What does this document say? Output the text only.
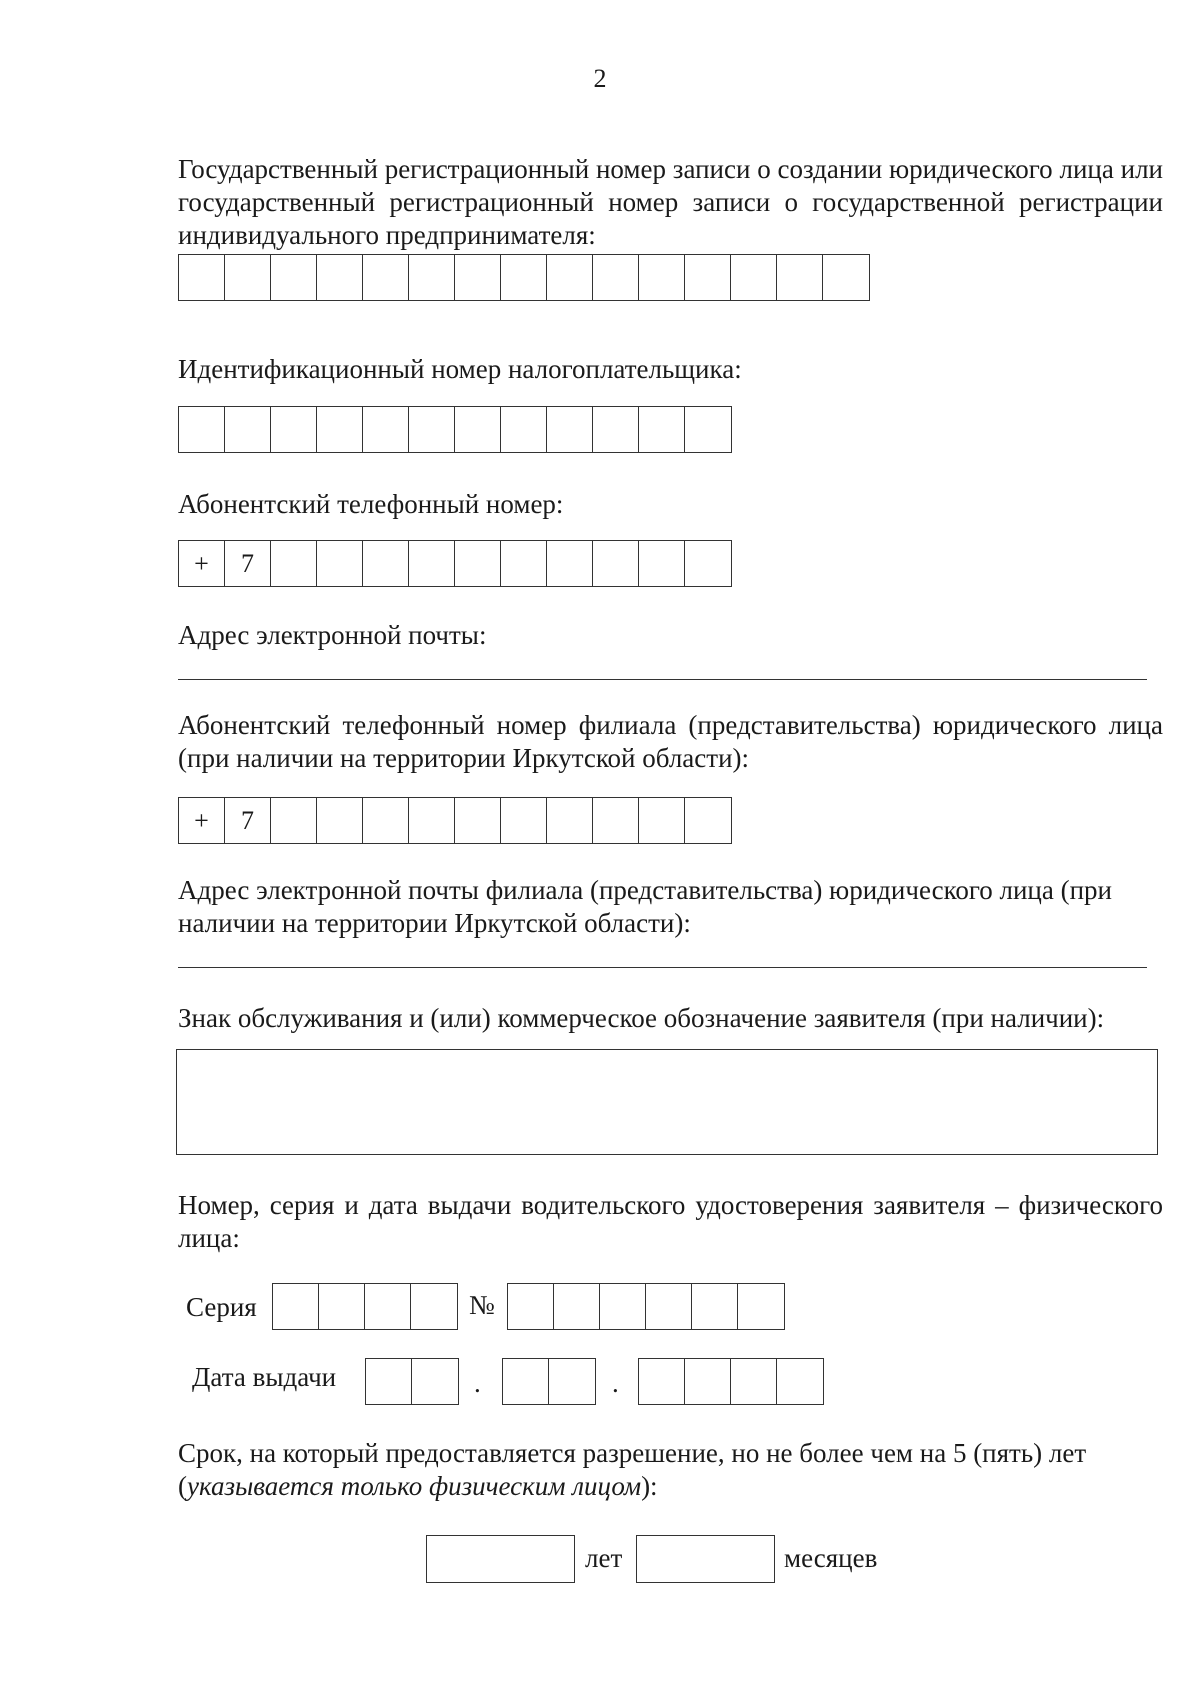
2
Государственный регистрационный номер записи о создании юридического лица или государственный регистрационный номер записи о государственной регистрации индивидуального предпринимателя:
Идентификационный номер налогоплательщика:
Абонентский телефонный номер:
+	7
Адрес электронной почты:
Абонентский телефонный номер филиала (представительства) юридического лица (при наличии на территории Иркутской области):
+	7
Адрес электронной почты филиала (представительства) юридического лица (при наличии на территории Иркутской области):
Знак обслуживания и (или) коммерческое обозначение заявителя (при наличии):
Номер, серия и дата выдачи водительского удостоверения заявителя – физического лица:
Серия	№
Дата выдачи	.	.
Срок, на который предоставляется разрешение, но не более чем на 5 (пять) лет
(указывается только физическим лицом):
лет	месяцев
